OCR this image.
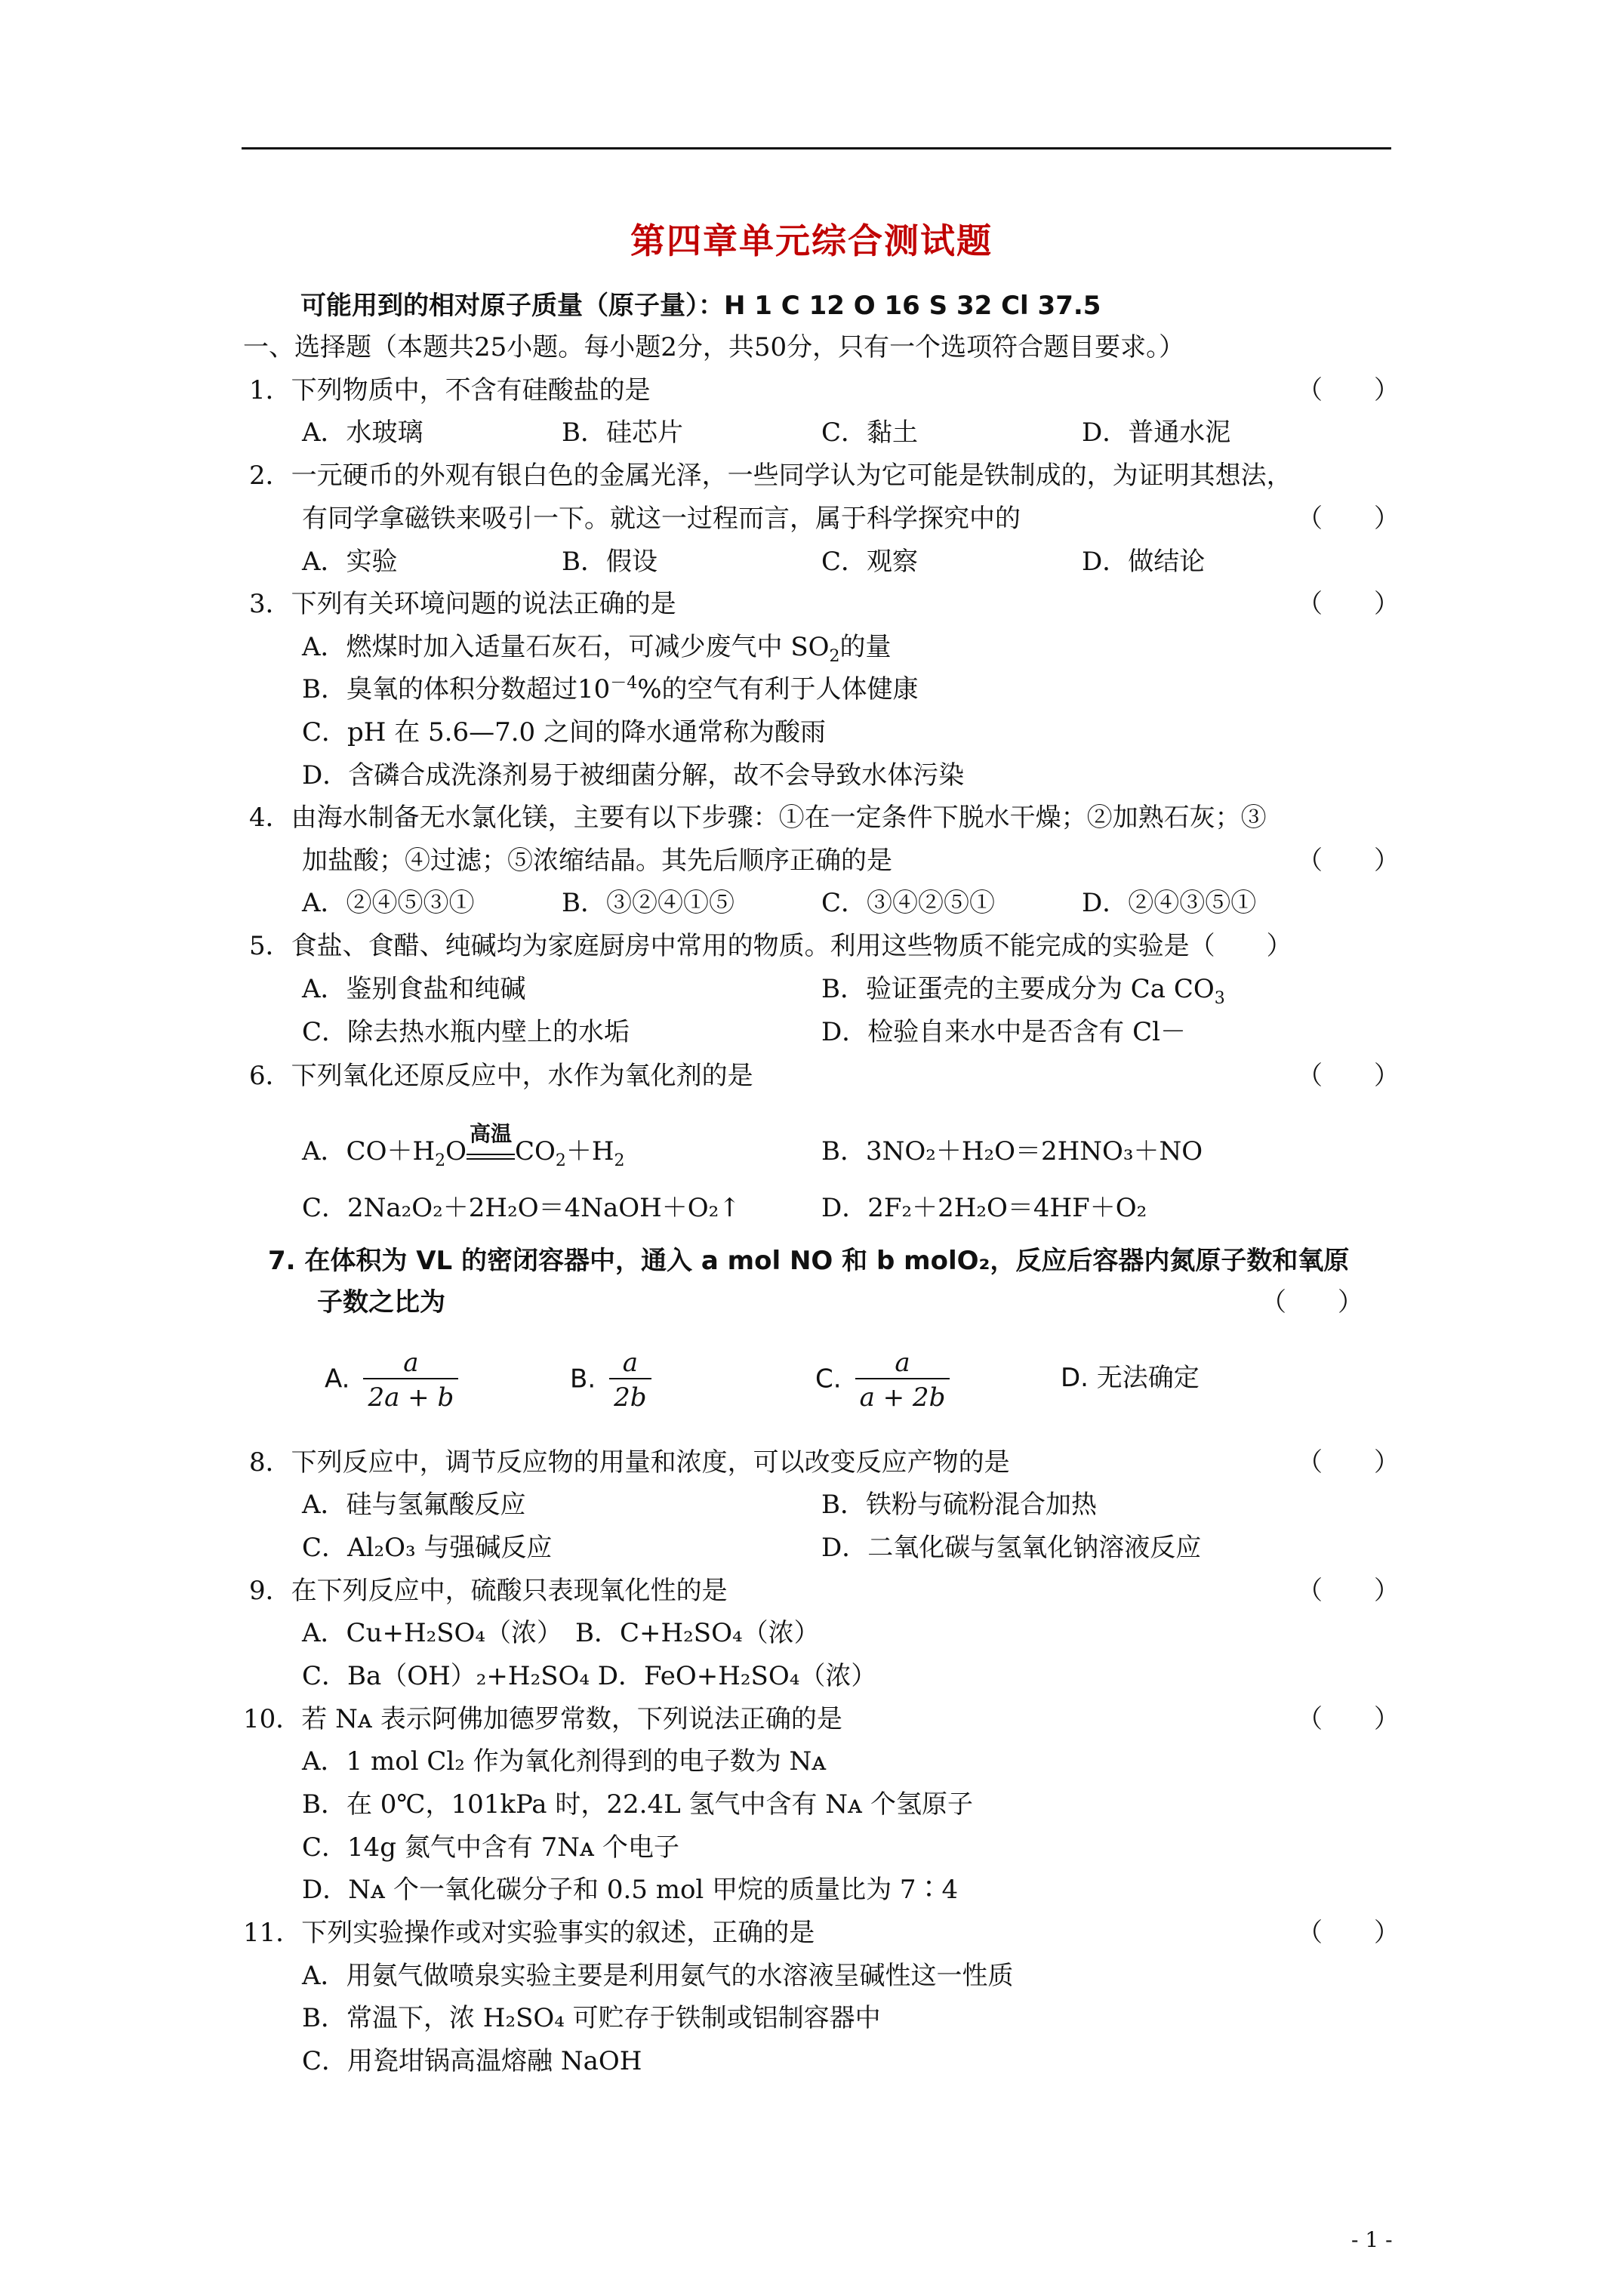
第四章单元综合测试题
可能用到的相对原子质量（原子量）：H 1 C 12 O 16 S 32 Cl 37.5
一、选择题（本题共25小题。每小题2分，共50分，只有一个选项符合题目要求。）
1．下列物质中，不含有硅酸盐的是	（　　）
A．水玻璃	B．硅芯片	C．黏土	D．普通水泥
2．一元硬币的外观有银白色的金属光泽，一些同学认为它可能是铁制成的，为证明其想法，
有同学拿磁铁来吸引一下。就这一过程而言，属于科学探究中的	（　　）
A．实验	B．假设	C．观察	D．做结论
3．下列有关环境问题的说法正确的是	（　　）
A．燃煤时加入适量石灰石，可减少废气中 $SO_2$的量
B．臭氧的体积分数超过$10^{-4}\%$的空气有利于人体健康
C．pH 在 5.6—7.0 之间的降水通常称为酸雨
D．含磷合成洗涤剂易于被细菌分解，故不会导致水体污染
4．由海水制备无水氯化镁，主要有以下步骤：①在一定条件下脱水干燥；②加熟石灰；③
加盐酸；④过滤；⑤浓缩结晶。其先后顺序正确的是	（　　）
A．②④⑤③①	B．③②④①⑤	C．③④②⑤①	D．②④③⑤①
5．食盐、食醋、纯碱均为家庭厨房中常用的物质。利用这些物质不能完成的实验是（　　）
A．鉴别食盐和纯碱	B．验证蛋壳的主要成分为 Ca $CO_3$
C．除去热水瓶内壁上的水垢	D．检验自来水中是否含有 Cl－
6．下列氧化还原反应中，水作为氧化剂的是	（　　）
A．$CO+H_2O$
高温
$CO_2+H_2$	B．3NO₂＋H₂O＝2HNO₃＋NO
C．2Na₂O₂＋2H₂O＝4NaOH＋O₂↑	D．2F₂＋2H₂O＝4HF＋O₂
7. 在体积为 VL 的密闭容器中，通入 a mol NO 和 b molO₂，反应后容器内氮原子数和氧原
子数之比为	（　　）
A. $\frac{a}{2a + b}$	B. $\frac{a}{2b}$	C. $\frac{a}{a + 2b}$	D. 无法确定
8．下列反应中，调节反应物的用量和浓度，可以改变反应产物的是	（　　）
A．硅与氢氟酸反应	B．铁粉与硫粉混合加热
C．Al₂O₃ 与强碱反应	D．二氧化碳与氢氧化钠溶液反应
9．在下列反应中，硫酸只表现氧化性的是	（　　）
A．Cu+H₂SO₄（浓）　B．C+H₂SO₄（浓）
C．Ba（OH）₂+H₂SO₄ D．FeO+H₂SO₄（浓）
10．若 Nᴀ 表示阿佛加德罗常数，下列说法正确的是	（　　）
A．1 mol Cl₂ 作为氧化剂得到的电子数为 Nᴀ
B．在 0℃，101kPa 时，22.4L 氢气中含有 Nᴀ 个氢原子
C．14g 氮气中含有 7Nᴀ 个电子
D．Nᴀ 个一氧化碳分子和 0.5 mol 甲烷的质量比为 7∶4
11．下列实验操作或对实验事实的叙述，正确的是	（　　）
A．用氨气做喷泉实验主要是利用氨气的水溶液呈碱性这一性质
B．常温下，浓 H₂SO₄ 可贮存于铁制或铝制容器中
C．用瓷坩锅高温熔融 NaOH
- 1 -
